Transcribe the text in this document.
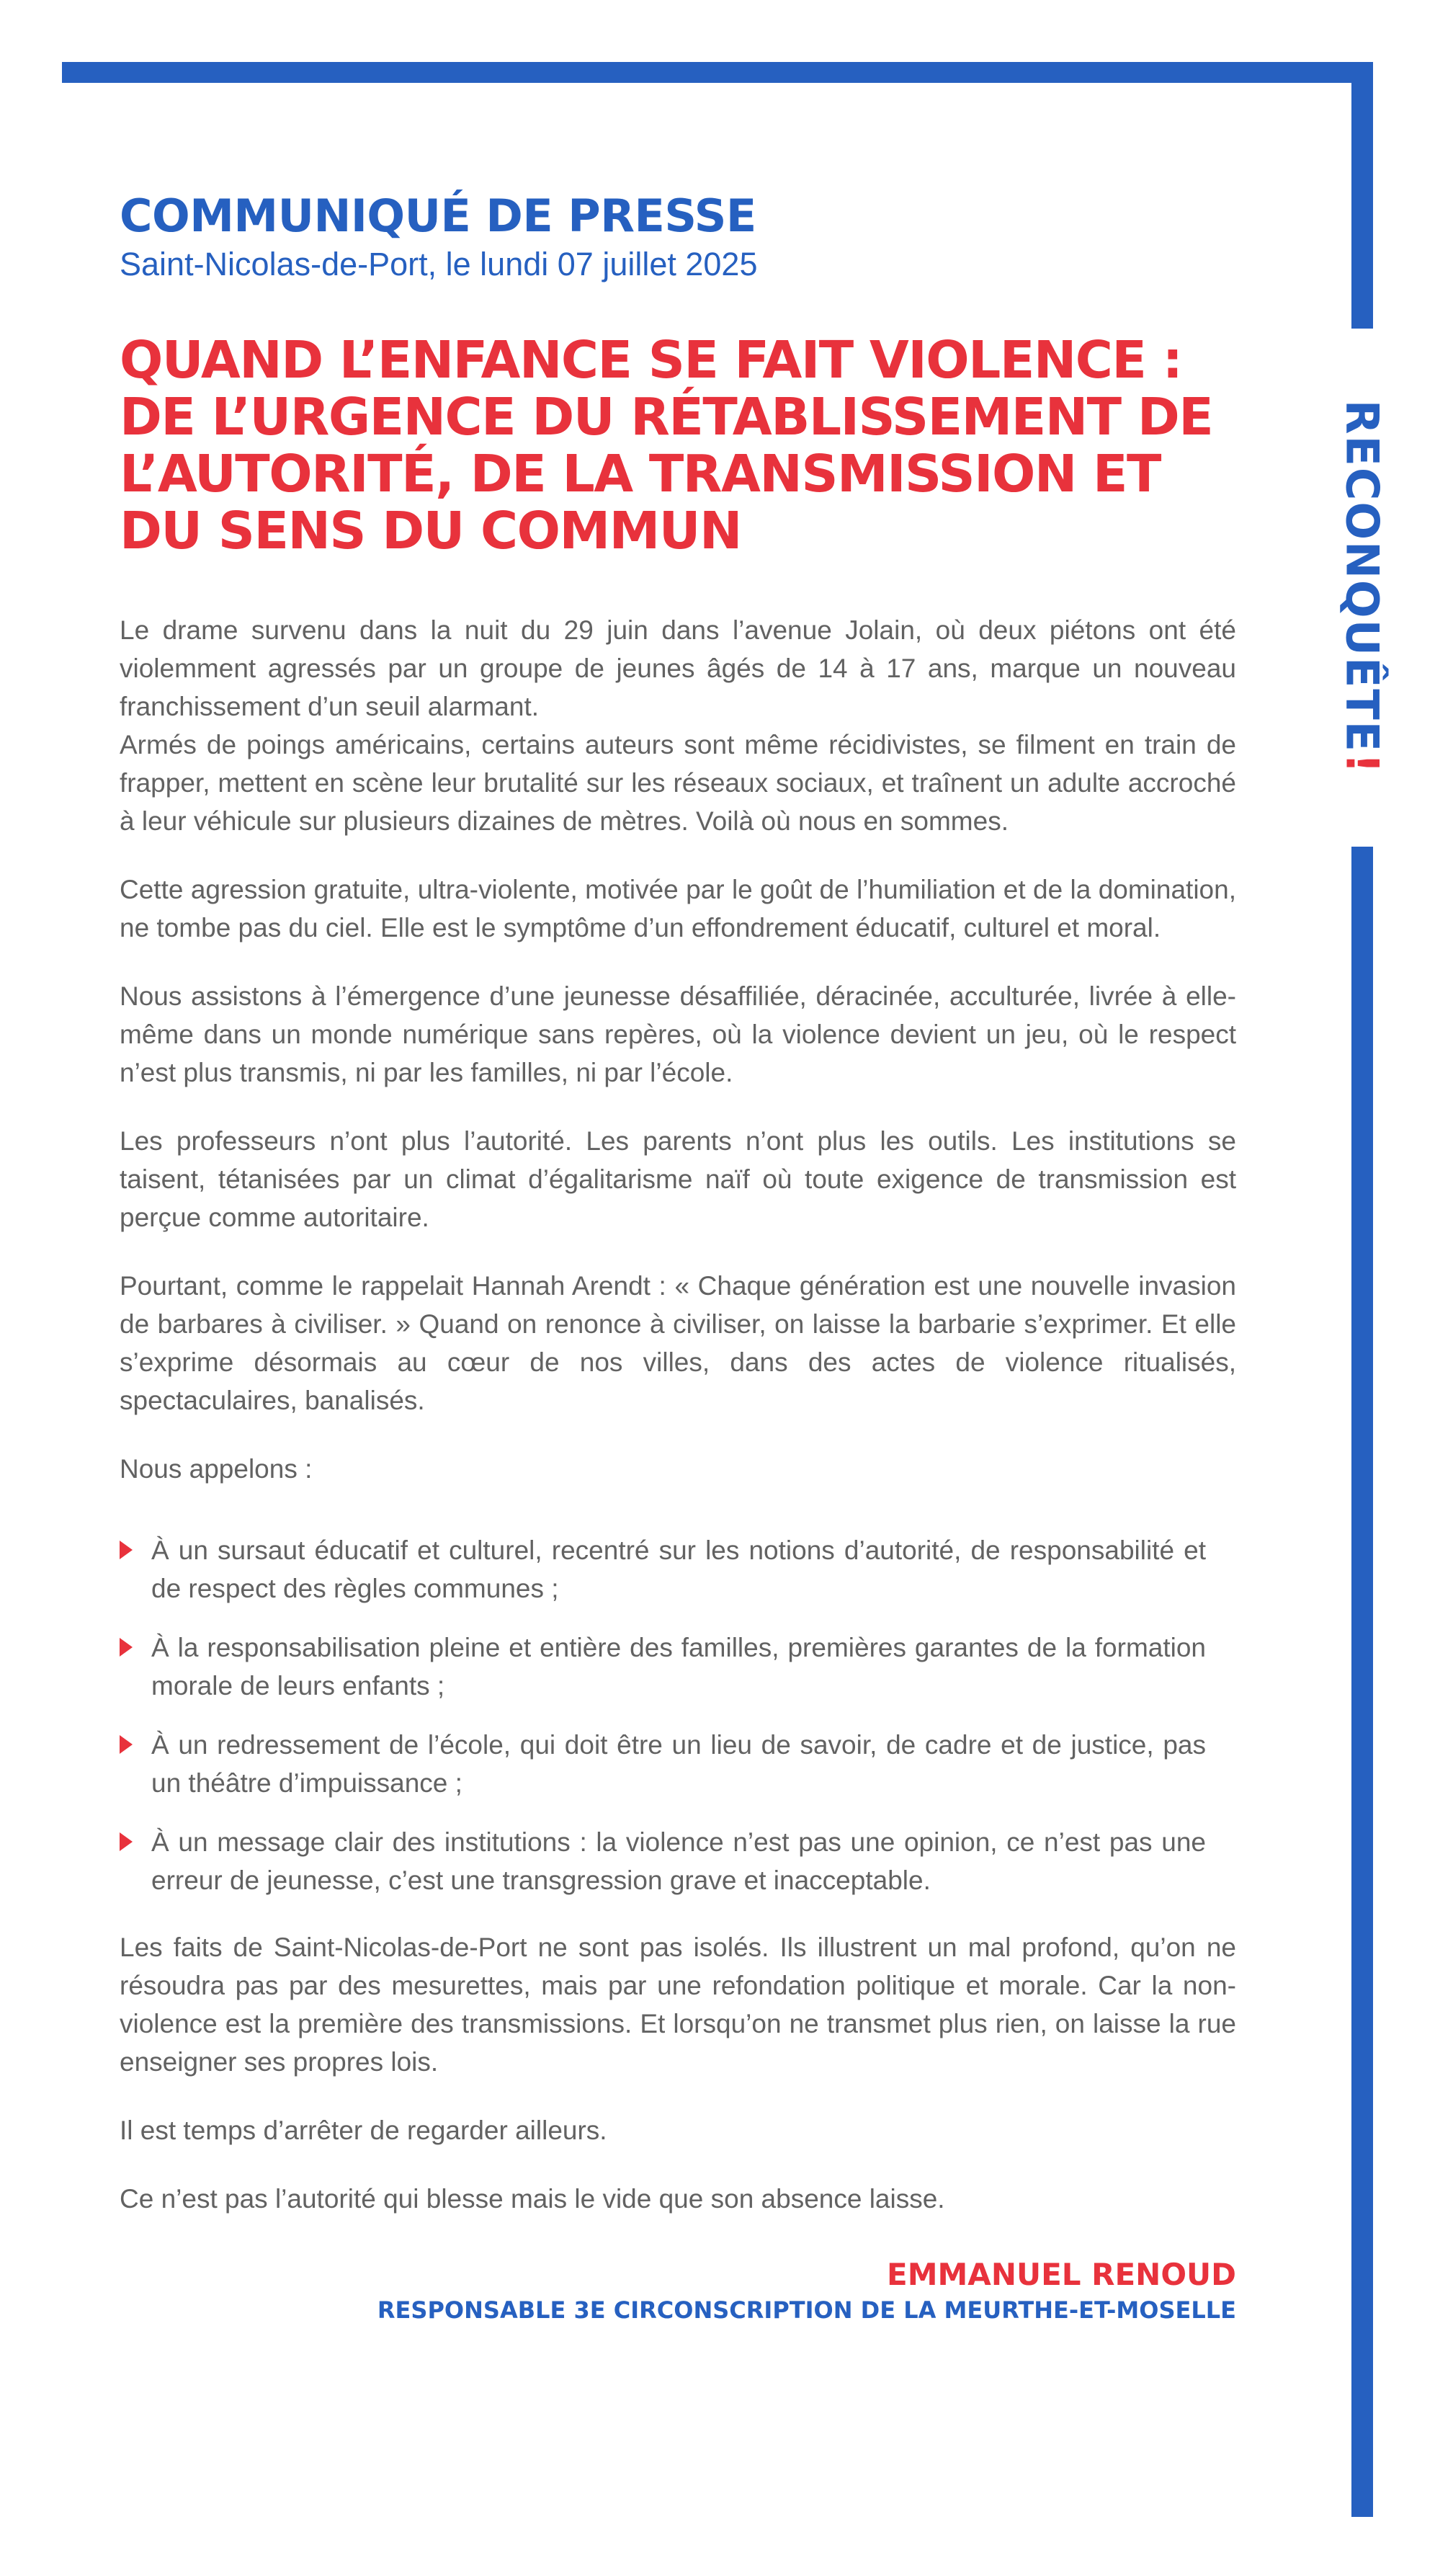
RECONQUÊTE!
COMMUNIQUÉ DE PRESSE

Saint-Nicolas-de-Port, le lundi 07 juillet 2025

QUAND L’ENFANCE SE FAIT VIOLENCE : DE L’URGENCE DU RÉTABLISSEMENT DE L’AUTORITÉ, DE LA TRANSMISSION ET DU SENS DU COMMUN

Le drame survenu dans la nuit du 29 juin dans l’avenue Jolain, où deux piétons ont été violemment agressés par un groupe de jeunes âgés de 14 à 17 ans, marque un nouveau franchissement d’un seuil alarmant.
Armés de poings américains, certains auteurs sont même récidivistes, se filment en train de frapper, mettent en scène leur brutalité sur les réseaux sociaux, et traînent un adulte accroché à leur véhicule sur plusieurs dizaines de mètres. Voilà où nous en sommes.

Cette agression gratuite, ultra-violente, motivée par le goût de l’humiliation et de la domination, ne tombe pas du ciel. Elle est le symptôme d’un effondrement éducatif, culturel et moral.

Nous assistons à l’émergence d’une jeunesse désaffiliée, déracinée, acculturée, livrée à elle-même dans un monde numérique sans repères, où la violence devient un jeu, où le respect n’est plus transmis, ni par les familles, ni par l’école.

Les professeurs n’ont plus l’autorité. Les parents n’ont plus les outils. Les institutions se taisent, tétanisées par un climat d’égalitarisme naïf où toute exigence de transmission est perçue comme autoritaire.

Pourtant, comme le rappelait Hannah Arendt : « Chaque génération est une nouvelle invasion de barbares à civiliser. » Quand on renonce à civiliser, on laisse la barbarie s’exprimer. Et elle s’exprime désormais au cœur de nos villes, dans des actes de violence ritualisés, spectaculaires, banalisés.

Nous appelons :

À un sursaut éducatif et culturel, recentré sur les notions d’autorité, de responsabilité et de respect des règles communes ;
À la responsabilisation pleine et entière des familles, premières garantes de la formation morale de leurs enfants ;
À un redressement de l’école, qui doit être un lieu de savoir, de cadre et de justice, pas un théâtre d’impuissance ;
À un message clair des institutions : la violence n’est pas une opinion, ce n’est pas une erreur de jeunesse, c’est une transgression grave et inacceptable.

Les faits de Saint-Nicolas-de-Port ne sont pas isolés. Ils illustrent un mal profond, qu’on ne résoudra pas par des mesurettes, mais par une refondation politique et morale. Car la non-violence est la première des transmissions. Et lorsqu’on ne transmet plus rien, on laisse la rue enseigner ses propres lois.

Il est temps d’arrêter de regarder ailleurs.

Ce n’est pas l’autorité qui blesse mais le vide que son absence laisse.

EMMANUEL RENOUD

RESPONSABLE 3E CIRCONSCRIPTION DE LA MEURTHE-ET-MOSELLE
